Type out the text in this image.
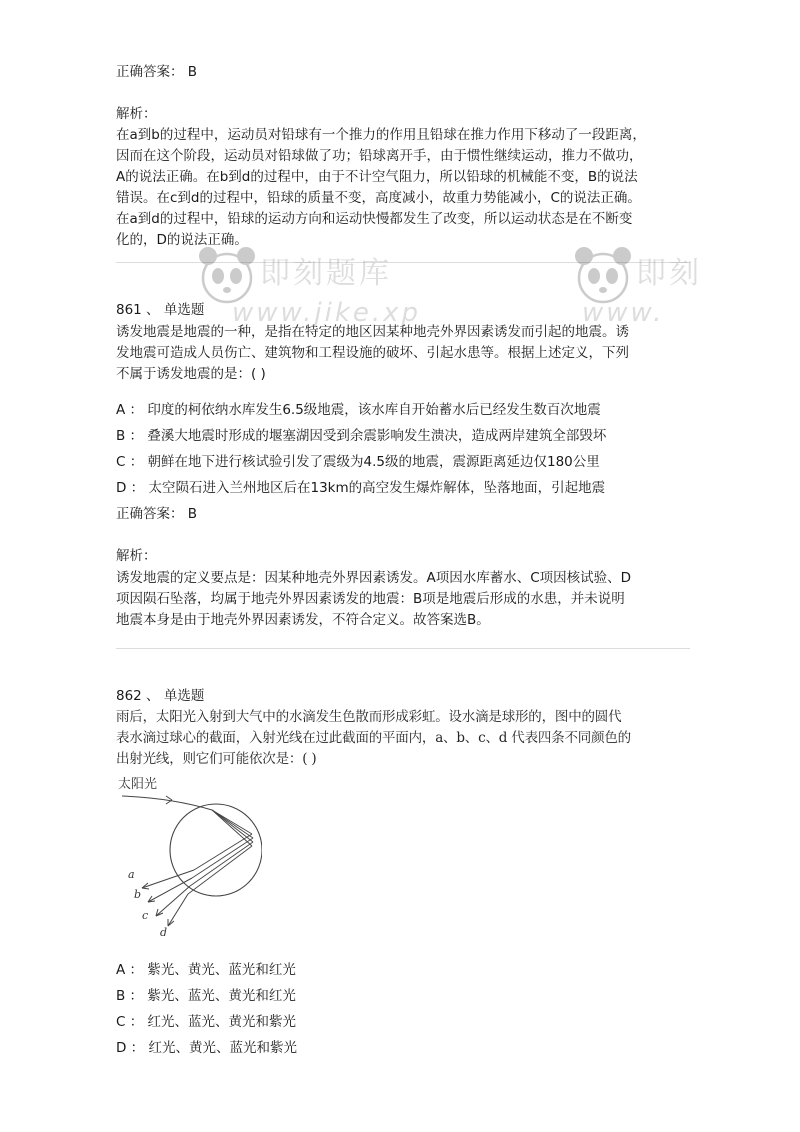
正确答案： B

解析：

在a到b的过程中，运动员对铅球有一个推力的作用且铅球在推力作用下移动了一段距离，

因而在这个阶段，运动员对铅球做了功；铅球离开手，由于惯性继续运动，推力不做功，

A的说法正确。在b到d的过程中，由于不计空气阻力，所以铅球的机械能不变，B的说法

错误。在c到d的过程中，铅球的质量不变，高度减小，故重力势能减小，C的说法正确。

在a到d的过程中，铅球的运动方向和运动快慢都发生了改变，所以运动状态是在不断变

化的，D的说法正确。

861 、 单选题

诱发地震是地震的一种，是指在特定的地区因某种地壳外界因素诱发而引起的地震。诱

发地震可造成人员伤亡、建筑物和工程设施的破坏、引起水患等。根据上述定义，下列

不属于诱发地震的是：( )

A ： 印度的柯依纳水库发生6.5级地震，该水库自开始蓄水后已经发生数百次地震

B ： 叠溪大地震时形成的堰塞湖因受到余震影响发生溃决，造成两岸建筑全部毁坏

C ： 朝鲜在地下进行核试验引发了震级为4.5级的地震，震源距离延边仅180公里

D ： 太空陨石进入兰州地区后在13km的高空发生爆炸解体，坠落地面，引起地震

正确答案： B

解析：

诱发地震的定义要点是：因某种地壳外界因素诱发。A项因水库蓄水、C项因核试验、D

项因陨石坠落，均属于地壳外界因素诱发的地震：B项是地震后形成的水患，并未说明

地震本身是由于地壳外界因素诱发，不符合定义。故答案选B。

862 、 单选题

雨后，太阳光入射到大气中的水滴发生色散而形成彩虹。设水滴是球形的，图中的圆代

表水滴过球心的截面，入射光线在过此截面的平面内，a、b、c、d 代表四条不同颜色的

出射光线，则它们可能依次是：( )

太阳光
a
b
c
d

A ： 紫光、黄光、蓝光和红光

B ： 紫光、蓝光、黄光和红光

C ： 红光、蓝光、黄光和紫光

D ： 红光、黄光、蓝光和紫光

即刻题库
www.jike.xp
即刻
www.
